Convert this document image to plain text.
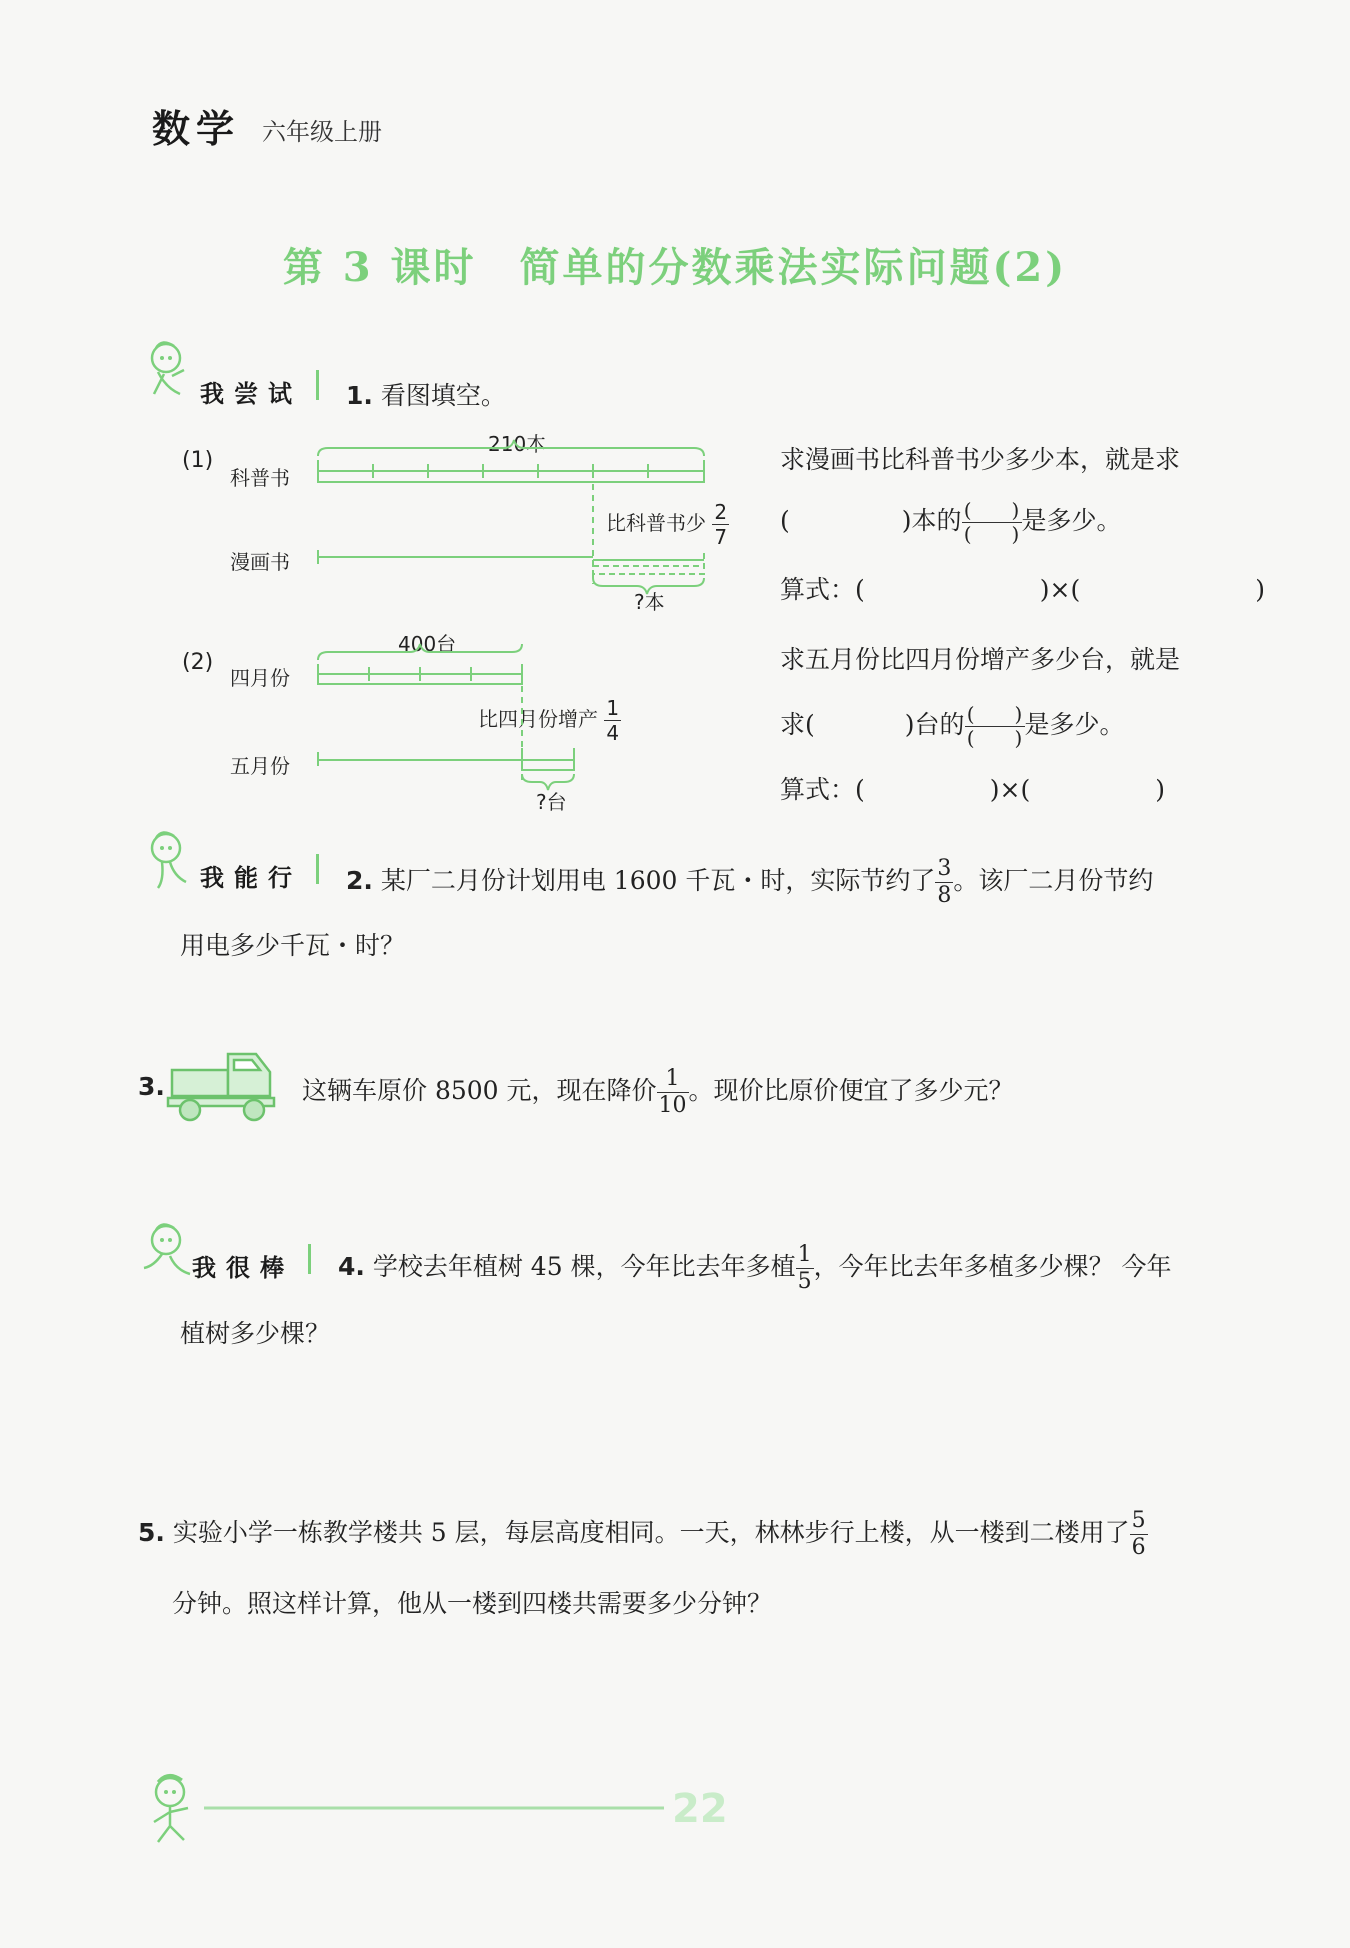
数学 六年级上册
第 3 课时　简单的分数乘法实际问题(2)
我尝试 1. 看图填空。
(1)
科普书
漫画书
210本
比科普书少 $\frac{2}{7}$
?本
求漫画书比科普书少多少本，就是求
(	)本的 (　　)
(　　)是多少。
算式：(　　　　　　　)×(　　　　　　　)
(2)
四月份
五月份
400台
比四月份增产 $\frac{1}{4}$
?台
求五月份比四月份增产多少台，就是
求(	)台的 (　　)
(　　)是多少。
算式：(　　　　　)×(　　　　　)
我能行 2. 某厂二月份计划用电 1600 千瓦・时，实际节约了 $\frac{3}{8}$ 。该厂二月份节约
用电多少千瓦・时？
3.	这辆车原价 8500 元，现在降价 $\frac{1}{10}$ 。现价比原价便宜了多少元？
我很棒 4. 学校去年植树 45 棵，今年比去年多植 $\frac{1}{5}$ ，今年比去年多植多少棵？ 今年
植树多少棵？
5. 实验小学一栋教学楼共 5 层，每层高度相同。一天，林林步行上楼，从一楼到二楼用了 $\frac{5}{6}$
分钟。照这样计算，他从一楼到四楼共需要多少分钟？
22
